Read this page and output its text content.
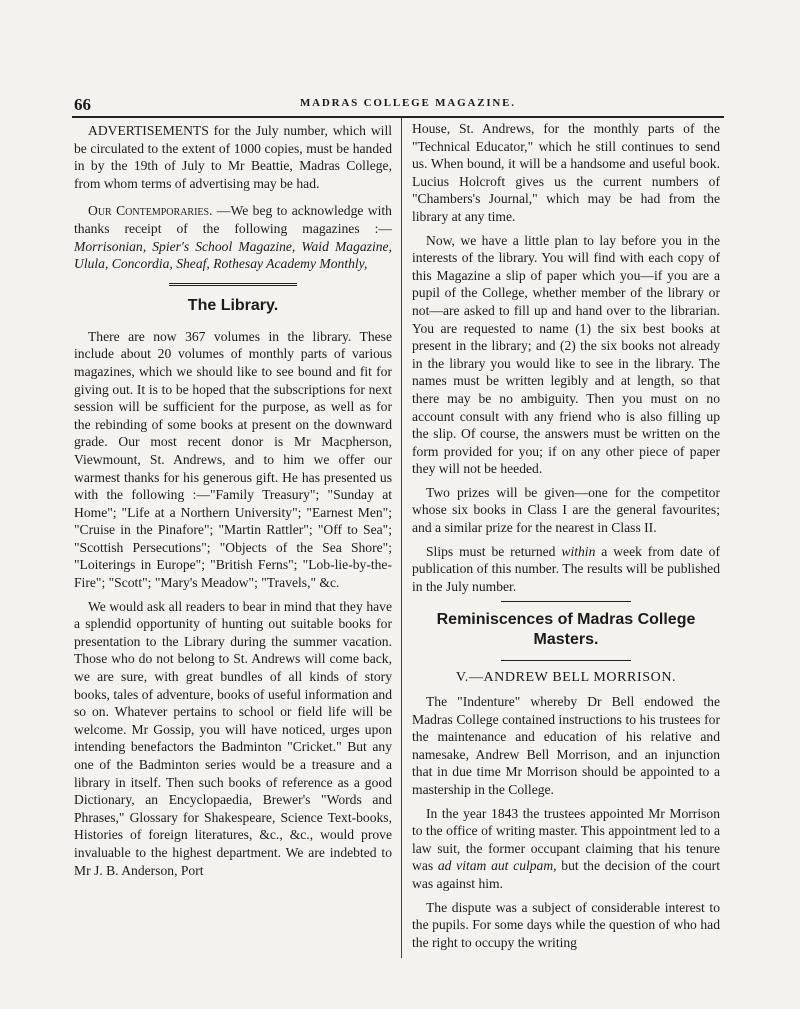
66	MADRAS COLLEGE MAGAZINE.

ADVERTISEMENTS for the July number, which will be circulated to the extent of 1000 copies, must be handed in by the 19th of July to Mr Beattie, Madras College, from whom terms of advertising may be had.

Our Contemporaries. —We beg to acknowledge with thanks receipt of the following magazines :—Morrisonian, Spier's School Magazine, Waid Magazine, Ulula, Concordia, Sheaf, Rothesay Academy Monthly,

The Library.

There are now 367 volumes in the library. These include about 20 volumes of monthly parts of various magazines, which we should like to see bound and fit for giving out. It is to be hoped that the subscriptions for next session will be sufficient for the purpose, as well as for the rebinding of some books at present on the downward grade. Our most recent donor is Mr Macpherson, Viewmount, St. Andrews, and to him we offer our warmest thanks for his generous gift. He has presented us with the following :—"Family Treasury"; "Sunday at Home"; "Life at a Northern University"; "Earnest Men"; "Cruise in the Pinafore"; "Martin Rattler"; "Off to Sea"; "Scottish Persecutions"; "Objects of the Sea Shore"; "Loiterings in Europe"; "British Ferns"; "Lob-lie-by-the-Fire"; "Scott"; "Mary's Meadow"; "Travels," &c.

We would ask all readers to bear in mind that they have a splendid opportunity of hunting out suitable books for presentation to the Library during the summer vacation. Those who do not belong to St. Andrews will come back, we are sure, with great bundles of all kinds of story books, tales of adventure, books of useful information and so on. Whatever pertains to school or field life will be welcome. Mr Gossip, you will have noticed, urges upon intending benefactors the Badminton "Cricket." But any one of the Badminton series would be a treasure and a library in itself. Then such books of reference as a good Dictionary, an Encyclopaedia, Brewer's "Words and Phrases," Glossary for Shakespeare, Science Text-books, Histories of foreign literatures, &c., &c., would prove invaluable to the highest department. We are indebted to Mr J. B. Anderson, Port

House, St. Andrews, for the monthly parts of the "Technical Educator," which he still continues to send us. When bound, it will be a handsome and useful book. Lucius Holcroft gives us the current numbers of "Chambers's Journal," which may be had from the library at any time.

Now, we have a little plan to lay before you in the interests of the library. You will find with each copy of this Magazine a slip of paper which you—if you are a pupil of the College, whether member of the library or not—are asked to fill up and hand over to the librarian. You are requested to name (1) the six best books at present in the library; and (2) the six books not already in the library you would like to see in the library. The names must be written legibly and at length, so that there may be no ambiguity. Then you must on no account consult with any friend who is also filling up the slip. Of course, the answers must be written on the form provided for you; if on any other piece of paper they will not be heeded.

Two prizes will be given—one for the competitor whose six books in Class I are the general favourites; and a similar prize for the nearest in Class II.

Slips must be returned within a week from date of publication of this number. The results will be published in the July number.

Reminiscences of Madras College Masters.
V.—ANDREW BELL MORRISON.

The "Indenture" whereby Dr Bell endowed the Madras College contained instructions to his trustees for the maintenance and education of his relative and namesake, Andrew Bell Morrison, and an injunction that in due time Mr Morrison should be appointed to a mastership in the College.

In the year 1843 the trustees appointed Mr Morrison to the office of writing master. This appointment led to a law suit, the former occupant claiming that his tenure was ad vitam aut culpam, but the decision of the court was against him.

The dispute was a subject of considerable interest to the pupils. For some days while the question of who had the right to occupy the writing
